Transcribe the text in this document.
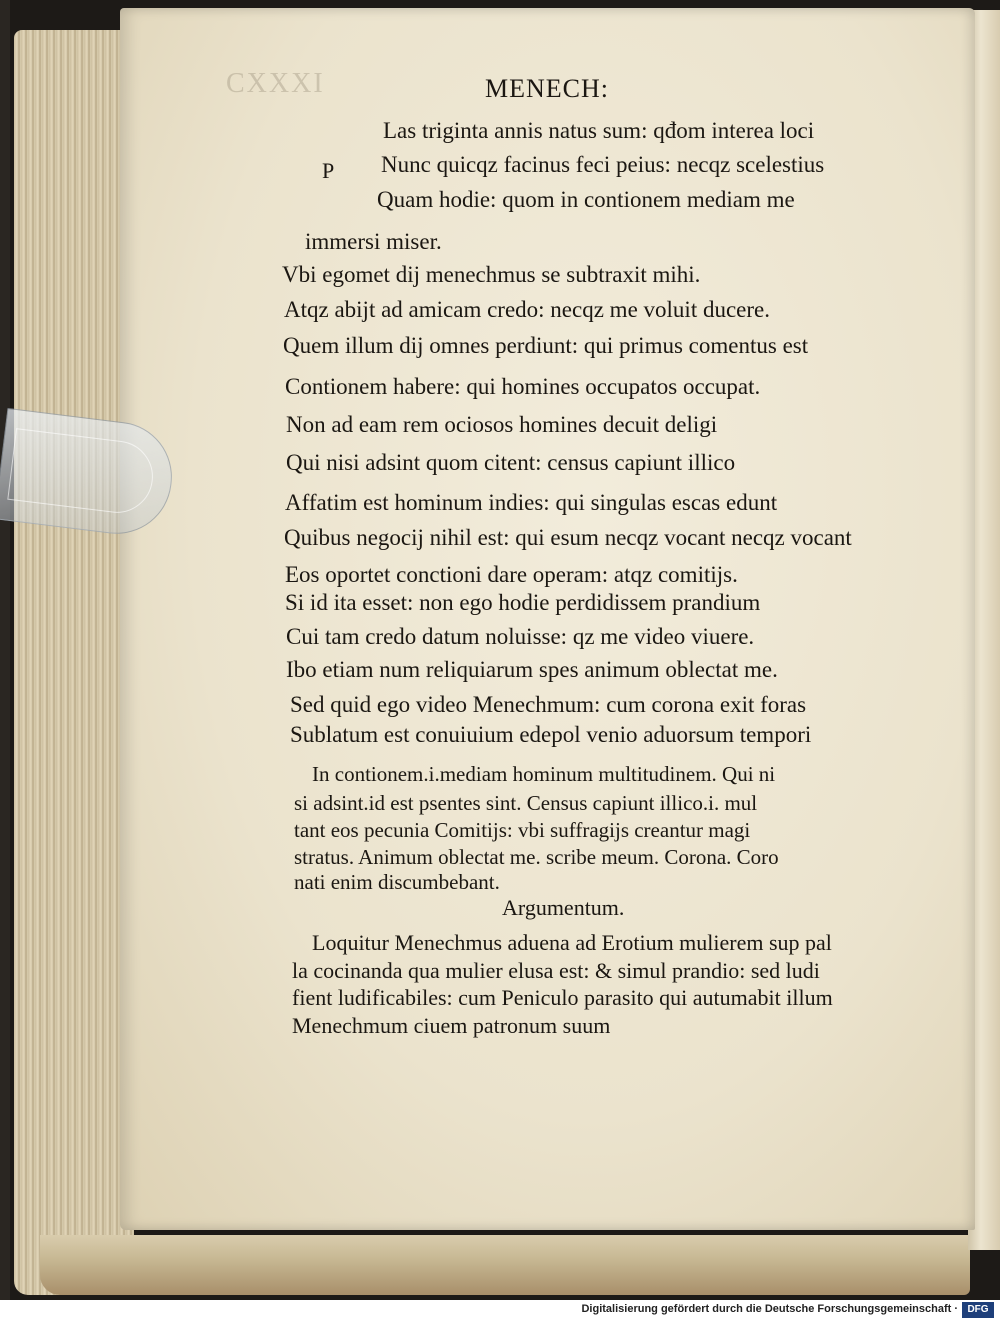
CXXXI	MENECH:
P
Las triginta annis natus sum: qđom interea loci
Nunc quicqz facinus feci peius: necqz scelestius
Quam hodie: quom in contionem mediam me
immersi miser.
Vbi egomet dij menechmus se subtraxit mihi.
Atqz abijt ad amicam credo: necqz me voluit ducere.
Quem illum dij omnes perdiunt: qui primus comentus est
Contionem habere: qui homines occupatos occupat.
Non ad eam rem ociosos homines decuit deligi
Qui nisi adsint quom citent: census capiunt illico
Affatim est hominum indies: qui singulas escas edunt
Quibus negocij nihil est: qui esum necqz vocant necqz vocant
Eos oportet conctioni dare operam: atqz comitijs.
Si id ita esset: non ego hodie perdidissem prandium
Cui tam credo datum noluisse: qz me video viuere.
Ibo etiam num reliquiarum spes animum oblectat me.
Sed quid ego video Menechmum: cum corona exit foras
Sublatum est conuiuium edepol venio aduorsum tempori
In contionem.i.mediam hominum multitudinem. Qui ni
si adsint.id est psentes sint. Census capiunt illico.i. mul
tant eos pecunia Comitijs: vbi suffragijs creantur magi
stratus. Animum oblectat me. scribe meum. Corona. Coro
nati enim discumbebant.
Argumentum.
Loquitur Menechmus aduena ad Erotium mulierem sup pal
la cocinanda qua mulier elusa est: & simul prandio: sed ludi
fient ludificabiles: cum Peniculo parasito qui autumabit illum
Menechmum ciuem patronum suum
Digitalisierung gefördert durch die Deutsche Forschungsgemeinschaft · DFG
